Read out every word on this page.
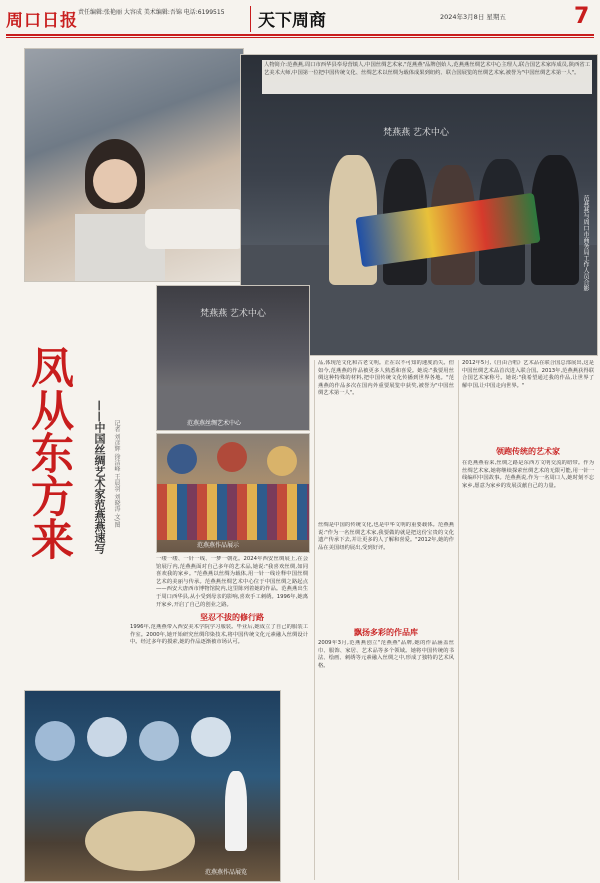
周口日报 责任编辑:张艳丽 大容成 美术编辑:吾锦 电话:6199515	天下周商	2024年3月8日 星期五	7
梵燕燕 艺术中心
范燕燕与周口市商务局工作人员合影
人物简介:范燕燕,周口市西华县奉母营镇人,中国丝绸艺术家,"范燕燕"品牌创始人,范燕燕丝绸艺术中心主理人,联合国艺术家库成员,陕西省工艺美术大师,中国第一位把中国传统文化、丝绸艺术以丝绸为载体成果到纽约、联合国展览的丝绸艺术家,被誉为"中国丝绸艺术第一人"。
梵燕燕 艺术中心
范燕燕丝绸艺术中心
范燕燕作品展示
凤从东方来 ——中国丝绸艺术家范燕燕速写 记者 刘彦辉 徐洁峰 王晨羽 刘晓涛 文/图
一缕一缕、一针一线、一梦一朝花。2024年西安丝绸展上,在会馆展厅内,范燕燕面对自己多年的艺术品,她说:"我喜欢丝绸,如同喜欢我的家乡。"范燕燕以丝绸为载体,用一针一线诠释中国丝绸艺术的美丽与传承。范燕燕丝绸艺术中心位于中国丝绸之路起点——西安大唐西市博物馆院内,这里陈列着她的作品。范燕燕出生于周口西华县,从小受到母亲的影响,喜欢手工刺绣。1996年,她离开家乡,开启了自己的创业之路。
坚忍不拔的修行路
1996年,范燕燕带入西安美术学院学习服装。毕业后,她成立了自己的服装工作室。2000年,她开始研究丝绸印染技术,将中国传统文化元素融入丝绸设计中。经过多年的摸索,她的作品逐渐被市场认可。
范燕燕作品展览
品,体现范文化和古老文明。正在以不可知的速度消失。但如今,范燕燕的作品被更多人熟悉和喜爱。她说:"我要用丝绸这种特殊的材料,把中国传统文化传播到世界各地。"范燕燕的作品多次在国内外重要展览中获奖,被誉为"中国丝绸艺术第一人"。
丝绸是中国的传统文化,也是中华文明的重要载体。范燕燕说:"作为一名丝绸艺术家,我要做的就是把这份宝贵的文化遗产传承下去,并让更多的人了解和喜爱。"2012年,她的作品在美国纽约展出,受到好评。
飘扬多彩的作品库
2009年3月,范燕燕创立"范燕燕"品牌,她的作品涵盖丝巾、服饰、家居、艺术品等多个领域。她将中国传统的书法、绘画、刺绣等元素融入丝绸之中,形成了独特的艺术风格。
2012年5月,《自由合唱》艺术品在联合国总部展出,这是中国丝绸艺术品首次进入联合国。2013年,范燕燕获得联合国艺术家称号。她说:"我希望通过我的作品,让世界了解中国,让中国走向世界。"
领跑传统的艺术家
在范燕燕看来,丝绸之路是东西方文明交流的纽带。作为丝绸艺术家,她将继续探索丝绸艺术的无限可能,用一针一线编织中国故事。范燕燕说,作为一名周口人,她时刻不忘家乡,愿意为家乡的发展贡献自己的力量。
